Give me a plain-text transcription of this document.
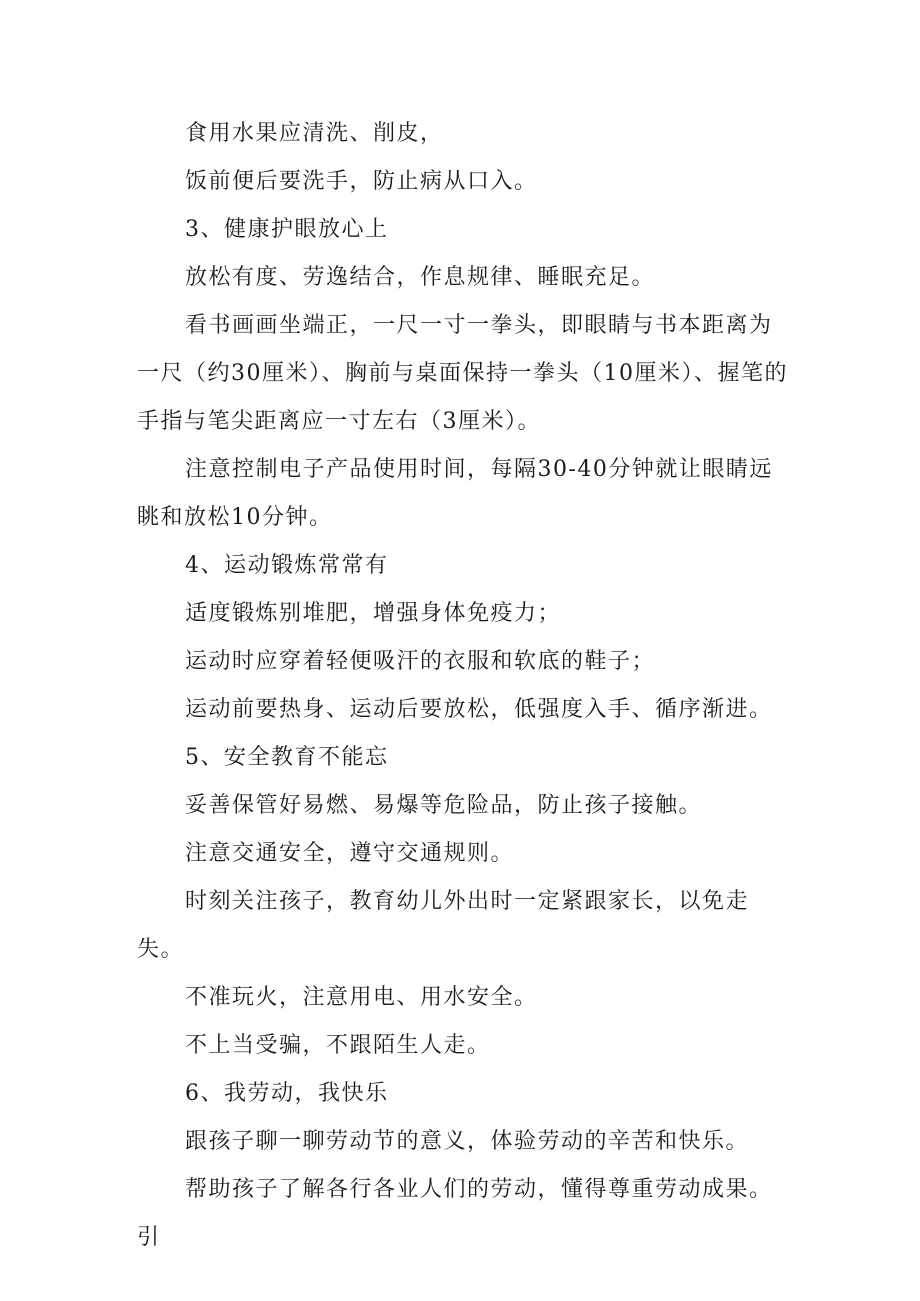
食用水果应清洗、削皮，

饭前便后要洗手，防止病从口入。

3、健康护眼放心上

放松有度、劳逸结合，作息规律、睡眠充足。

看书画画坐端正，一尺一寸一拳头，即眼睛与书本距离为一尺（约30厘米）、胸前与桌面保持一拳头（10厘米）、握笔的手指与笔尖距离应一寸左右（3厘米）。

注意控制电子产品使用时间，每隔30-40分钟就让眼睛远眺和放松10分钟。

4、运动锻炼常常有

适度锻炼别堆肥，增强身体免疫力；

运动时应穿着轻便吸汗的衣服和软底的鞋子；

运动前要热身、运动后要放松，低强度入手、循序渐进。

5、安全教育不能忘

妥善保管好易燃、易爆等危险品，防止孩子接触。

注意交通安全，遵守交通规则。

时刻关注孩子，教育幼儿外出时一定紧跟家长，以免走失。

不准玩火，注意用电、用水安全。

不上当受骗，不跟陌生人走。

6、我劳动，我快乐

跟孩子聊一聊劳动节的意义，体验劳动的辛苦和快乐。

帮助孩子了解各行各业人们的劳动，懂得尊重劳动成果。引
